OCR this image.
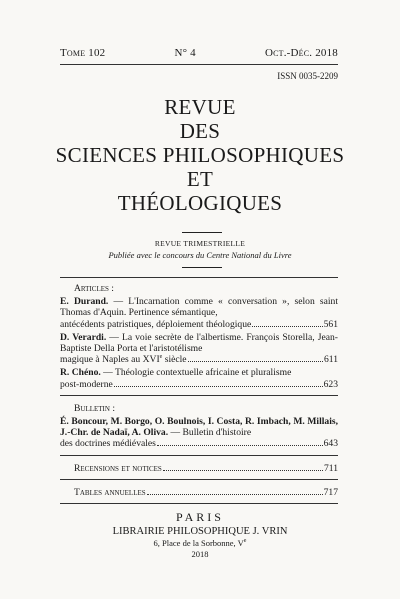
Tome 102	N° 4	Oct.-Déc. 2018
ISSN 0035-2209
REVUE
DES
SCIENCES PHILOSOPHIQUES
ET
THÉOLOGIQUES
REVUE TRIMESTRIELLE
Publiée avec le concours du Centre National du Livre
Articles :
E. Durand. — L'Incarnation comme « conversation », selon saint Thomas d'Aquin. Pertinence sémantique,
antécédents patristiques, déploiement théologique	561
D. Verardi. — La voie secrète de l'albertisme. François Storella, Jean-Baptiste Della Porta et l'aristotélisme
magique à Naples au XVIe siècle	611
R. Chéno. — Théologie contextuelle africaine et pluralisme
post-moderne	623
Bulletin :
É. Boncour, M. Borgo, O. Boulnois, I. Costa, R. Imbach, M. Millais, J.-Chr. de Nadaï, A. Oliva. — Bulletin d'histoire
des doctrines médiévales	643
Recensions et notices	711
Tables annuelles	717
PARIS
LIBRAIRIE PHILOSOPHIQUE J. VRIN
6, Place de la Sorbonne, Ve
2018
